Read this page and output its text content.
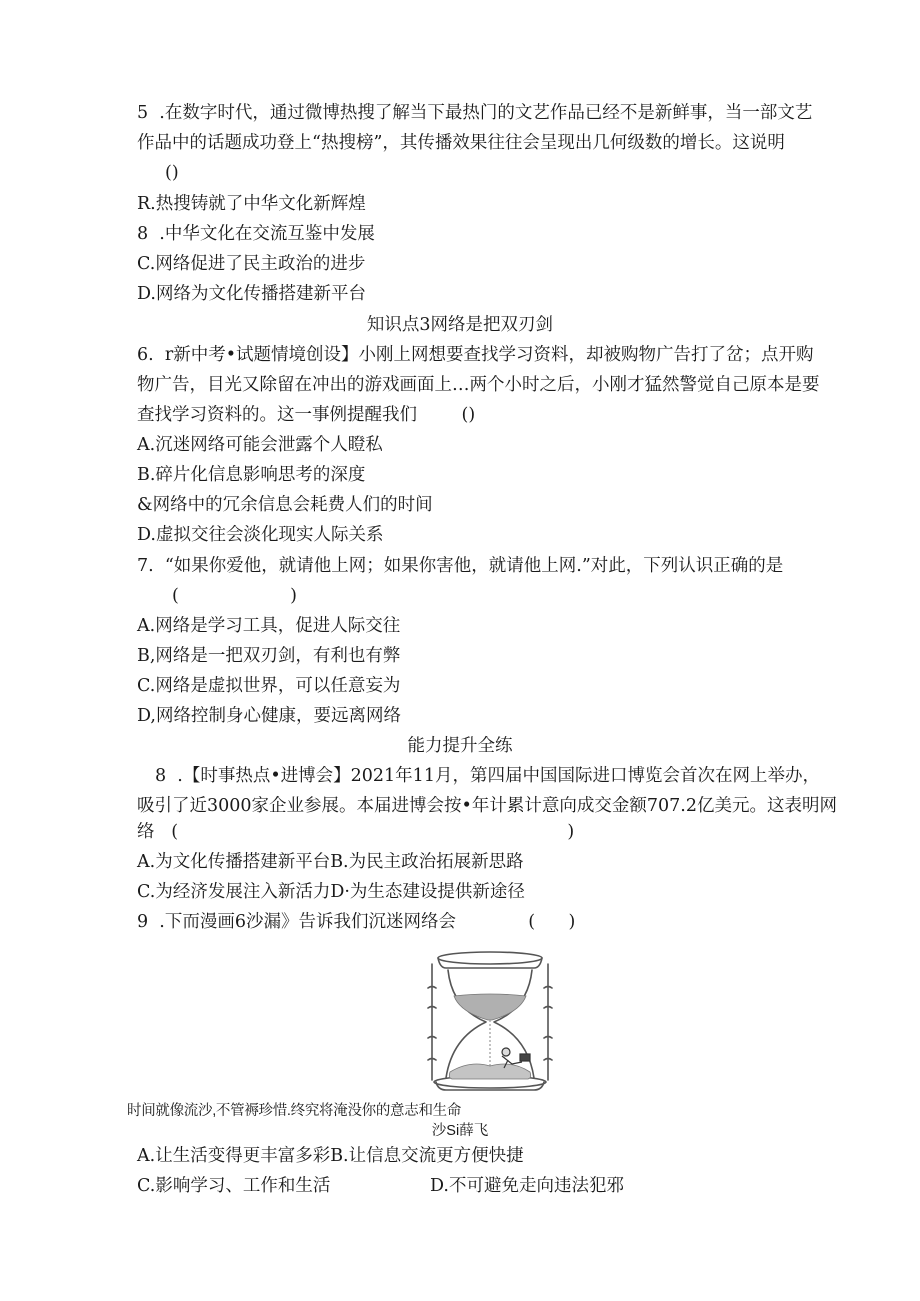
5  .在数字时代，通过微博热搜了解当下最热门的文艺作品已经不是新鲜事，当一部文艺
作品中的话题成功登上“热搜榜”，其传播效果往往会呈现出几何级数的增长。这说明
()
R.热搜铸就了中华文化新辉煌
8  .中华文化在交流互鉴中发展
C.网络促进了民主政治的进步
D.网络为文化传播搭建新平台
知识点3网络是把双刃剑
6.  r新中考•试题情境创设】小刚上网想要查找学习资料，却被购物广告打了岔；点开购
物广告，目光又除留在冲出的游戏画面上…两个小时之后，小刚才猛然警觉自己原本是要
查找学习资料的。这一事例提醒我们        ()
A.沉迷网络可能会泄露个人瞪私
B.碎片化信息影响思考的深度
&网络中的冗余信息会耗费人们的时间
D.虚拟交往会淡化现实人际关系
7.  “如果你爱他，就请他上网；如果你害他，就请他上网.”对此，下列认识正确的是
(                    )
A.网络是学习工具，促进人际交往
B,网络是一把双刃剑，有利也有弊
C.网络是虚拟世界，可以任意妄为
D,网络控制身心健康，要远离网络
能力提升全练
8  .【时事热点•进博会】2021年11月，第四届中国国际进口博览会首次在网上举办，
吸引了近3000家企业参展。本届进博会按•年计累计意向成交金额707.2亿美元。这表明网
络   (                                                                      )
A.为文化传播搭建新平台B.为民主政治拓展新思路
C.为经济发展注入新活力D·为生态建设提供新途径
9  .下而漫画6沙漏》告诉我们沉迷网络会             (      )
时间就像流沙,不管褥珍惜.终究将淹没你的意志和生命
沙Si薛飞
A.让生活变得更丰富多彩B.让信息交流更方便快捷
C.影响学习、工作和生活	D.不可避免走向违法犯邪
